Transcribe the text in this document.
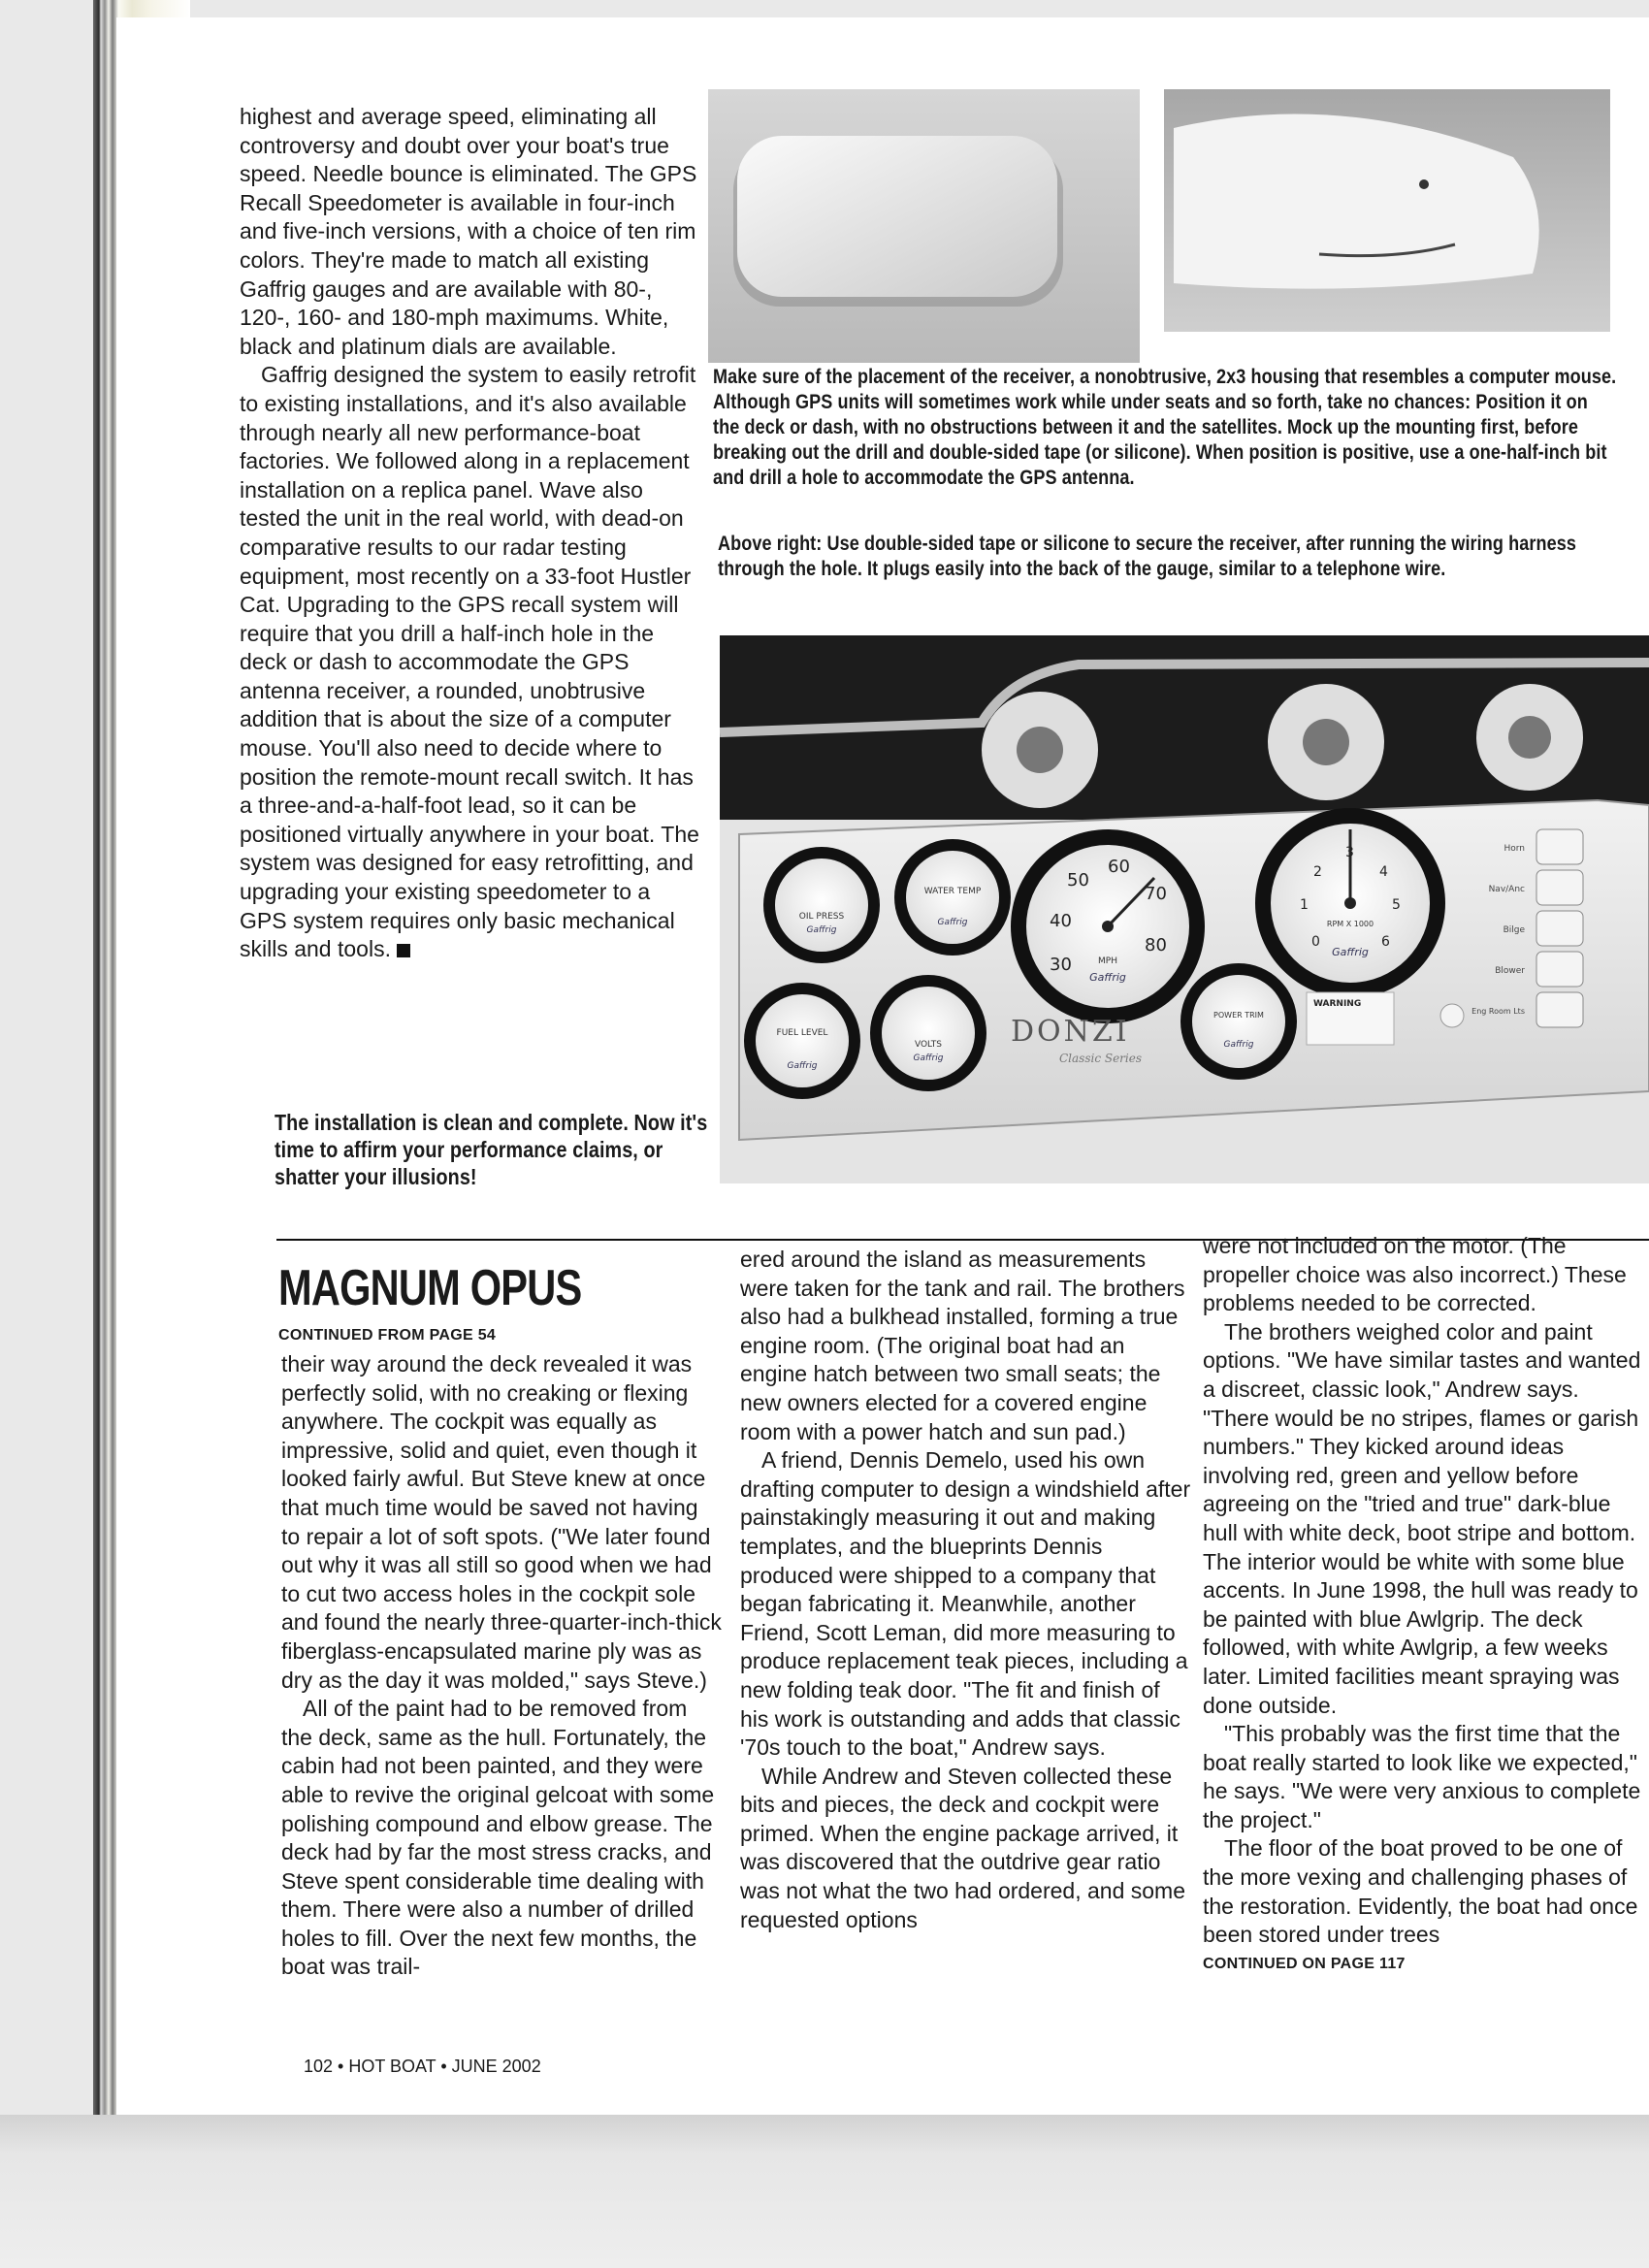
highest and average speed, eliminating all controversy and doubt over your boat's true speed. Needle bounce is eliminated. The GPS Recall Speedometer is available in four-inch and five-inch versions, with a choice of ten rim colors. They're made to match all existing Gaffrig gauges and are available with 80-, 120-, 160- and 180-mph maximums. White, black and platinum dials are available.

Gaffrig designed the system to easily retrofit to existing installations, and it's also available through nearly all new performance-boat factories. We followed along in a replacement installation on a replica panel. Wave also tested the unit in the real world, with dead-on comparative results to our radar testing equipment, most recently on a 33-foot Hustler Cat. Upgrading to the GPS recall system will require that you drill a half-inch hole in the deck or dash to accommodate the GPS antenna receiver, a rounded, unobtrusive addition that is about the size of a computer mouse. You'll also need to decide where to position the remote-mount recall switch. It has a three-and-a-half-foot lead, so it can be positioned virtually anywhere in your boat. The system was designed for easy retrofitting, and upgrading your existing speedometer to a GPS system requires only basic mechanical skills and tools.

Make sure of the placement of the receiver, a nonobtrusive, 2x3 housing that resembles a computer mouse. Although GPS units will sometimes work while under seats and so forth, take no chances: Position it on the deck or dash, with no obstructions between it and the satellites. Mock up the mounting first, before breaking out the drill and double-sided tape (or silicone). When position is positive, use a one-half-inch bit and drill a hole to accommodate the GPS antenna.
Above right: Use double-sided tape or silicone to secure the receiver, after running the wiring harness through the hole. It plugs easily into the back of the gauge, similar to a telephone wire.
OIL PRESS
Gaffrig
WATER TEMP
Gaffrig
FUEL LEVEL
Gaffrig
VOLTS
Gaffrig
30
40
50
60
70
80
MPH
Gaffrig
0
1
2
3
4
5
6
RPM X 1000
Gaffrig
POWER TRIM
Gaffrig
WARNING
DONZI
Classic Series
Horn
Nav/Anc
Bilge
Blower
Eng Room Lts
The installation is clean and complete. Now it's time to affirm your performance claims, or shatter your illusions!
MAGNUM OPUS
CONTINUED FROM PAGE 54

their way around the deck revealed it was perfectly solid, with no creaking or flexing anywhere. The cockpit was equally as impressive, solid and quiet, even though it looked fairly awful. But Steve knew at once that much time would be saved not having to repair a lot of soft spots. ("We later found out why it was all still so good when we had to cut two access holes in the cockpit sole and found the nearly three-quarter-inch-thick fiberglass-encapsulated marine ply was as dry as the day it was molded," says Steve.)

All of the paint had to be removed from the deck, same as the hull. Fortunately, the cabin had not been painted, and they were able to revive the original gelcoat with some polishing compound and elbow grease. The deck had by far the most stress cracks, and Steve spent considerable time dealing with them. There were also a number of drilled holes to fill. Over the next few months, the boat was trail-

ered around the island as measurements were taken for the tank and rail. The brothers also had a bulkhead installed, forming a true engine room. (The original boat had an engine hatch between two small seats; the new owners elected for a covered engine room with a power hatch and sun pad.)

A friend, Dennis Demelo, used his own drafting computer to design a windshield after painstakingly measuring it out and making templates, and the blueprints Dennis produced were shipped to a company that began fabricating it. Meanwhile, another Friend, Scott Leman, did more measuring to produce replacement teak pieces, including a new folding teak door. "The fit and finish of his work is outstanding and adds that classic '70s touch to the boat," Andrew says.

While Andrew and Steven collected these bits and pieces, the deck and cockpit were primed. When the engine package arrived, it was discovered that the outdrive gear ratio was not what the two had ordered, and some requested options

were not included on the motor. (The propeller choice was also incorrect.) These problems needed to be corrected.

The brothers weighed color and paint options. "We have similar tastes and wanted a discreet, classic look," Andrew says. "There would be no stripes, flames or garish numbers." They kicked around ideas involving red, green and yellow before agreeing on the "tried and true" dark-blue hull with white deck, boot stripe and bottom. The interior would be white with some blue accents. In June 1998, the hull was ready to be painted with blue Awlgrip. The deck followed, with white Awlgrip, a few weeks later. Limited facilities meant spraying was done outside.

"This probably was the first time that the boat really started to look like we expected," he says. "We were very anxious to complete the project."

The floor of the boat proved to be one of the more vexing and challenging phases of the restoration. Evidently, the boat had once been stored under trees

CONTINUED ON PAGE 117
102 • HOT BOAT • JUNE 2002
